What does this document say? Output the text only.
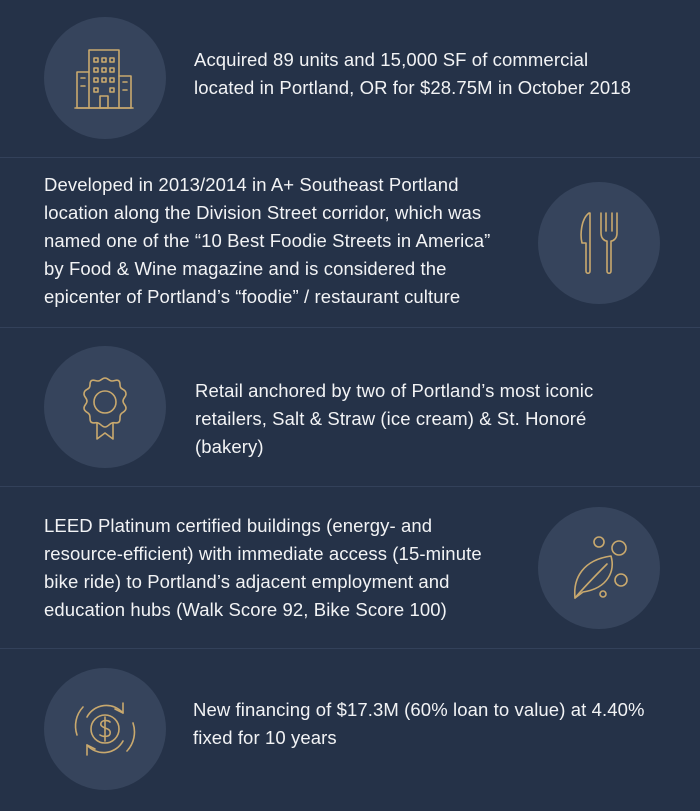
Acquired 89 units and 15,000 SF of commercial
located in Portland, OR for $28.75M in October 2018
Developed in 2013/2014 in A+ Southeast Portland
location along the Division Street corridor, which was
named one of the “10 Best Foodie Streets in America”
by Food & Wine magazine and is considered the
epicenter of Portland’s “foodie” / restaurant culture
Retail anchored by two of Portland’s most iconic
retailers, Salt & Straw (ice cream) & St. Honoré
(bakery)
LEED Platinum certified buildings (energy- and
resource-efficient) with immediate access (15-minute
bike ride) to Portland’s adjacent employment and
education hubs (Walk Score 92, Bike Score 100)
New financing of $17.3M (60% loan to value) at 4.40%
fixed for 10 years
